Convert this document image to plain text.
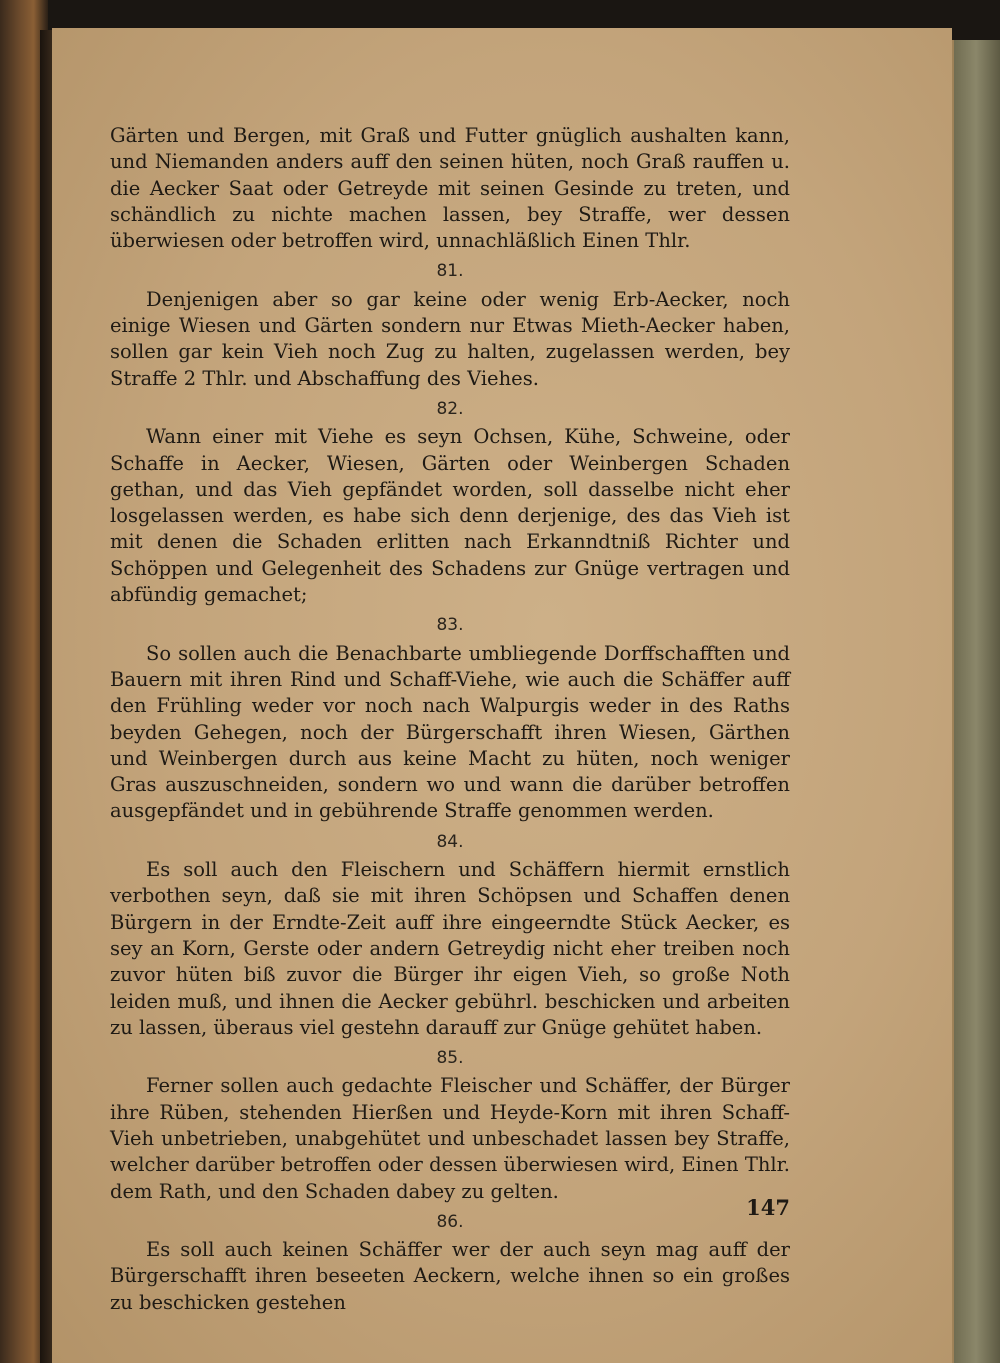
Gärten und Bergen, mit Graß und Futter gnüglich aushalten kann, und Niemanden anders auff den seinen hüten, noch Graß rauffen u. die Aecker Saat oder Getreyde mit seinen Gesinde zu treten, und schändlich zu nichte machen lassen, bey Straffe, wer dessen überwiesen oder betroffen wird, unnachläßlich Einen Thlr.

81.

Denjenigen aber so gar keine oder wenig Erb-Aecker, noch einige Wiesen und Gärten sondern nur Etwas Mieth-Aecker haben, sollen gar kein Vieh noch Zug zu halten, zugelassen werden, bey Straffe 2 Thlr. und Abschaffung des Viehes.

82.

Wann einer mit Viehe es seyn Ochsen, Kühe, Schweine, oder Schaffe in Aecker, Wiesen, Gärten oder Weinbergen Schaden gethan, und das Vieh gepfändet worden, soll dasselbe nicht eher losgelassen werden, es habe sich denn derjenige, des das Vieh ist mit denen die Schaden erlitten nach Erkanndtniß Richter und Schöppen und Gelegenheit des Schadens zur Gnüge vertragen und abfündig gemachet;

83.

So sollen auch die Benachbarte umbliegende Dorffschafften und Bauern mit ihren Rind und Schaff-Viehe, wie auch die Schäffer auff den Frühling weder vor noch nach Walpurgis weder in des Raths beyden Gehegen, noch der Bürgerschafft ihren Wiesen, Gärthen und Weinbergen durch aus keine Macht zu hüten, noch weniger Gras auszuschneiden, sondern wo und wann die darüber betroffen ausgepfändet und in gebührende Straffe genommen werden.

84.

Es soll auch den Fleischern und Schäffern hiermit ernstlich verbothen seyn, daß sie mit ihren Schöpsen und Schaffen denen Bürgern in der Erndte-Zeit auff ihre eingeerndte Stück Aecker, es sey an Korn, Gerste oder andern Getreydig nicht eher treiben noch zuvor hüten biß zuvor die Bürger ihr eigen Vieh, so große Noth leiden muß, und ihnen die Aecker gebührl. beschicken und arbeiten zu lassen, überaus viel gestehn darauff zur Gnüge gehütet haben.

85.

Ferner sollen auch gedachte Fleischer und Schäffer, der Bürger ihre Rüben, stehenden Hierßen und Heyde-Korn mit ihren Schaff-Vieh unbetrieben, unabgehütet und unbeschadet lassen bey Straffe, welcher darüber betroffen oder dessen überwiesen wird, Einen Thlr. dem Rath, und den Schaden dabey zu gelten.

86.

Es soll auch keinen Schäffer wer der auch seyn mag auff der Bürgerschafft ihren beseeten Aeckern, welche ihnen so ein großes zu beschicken gestehen

147
